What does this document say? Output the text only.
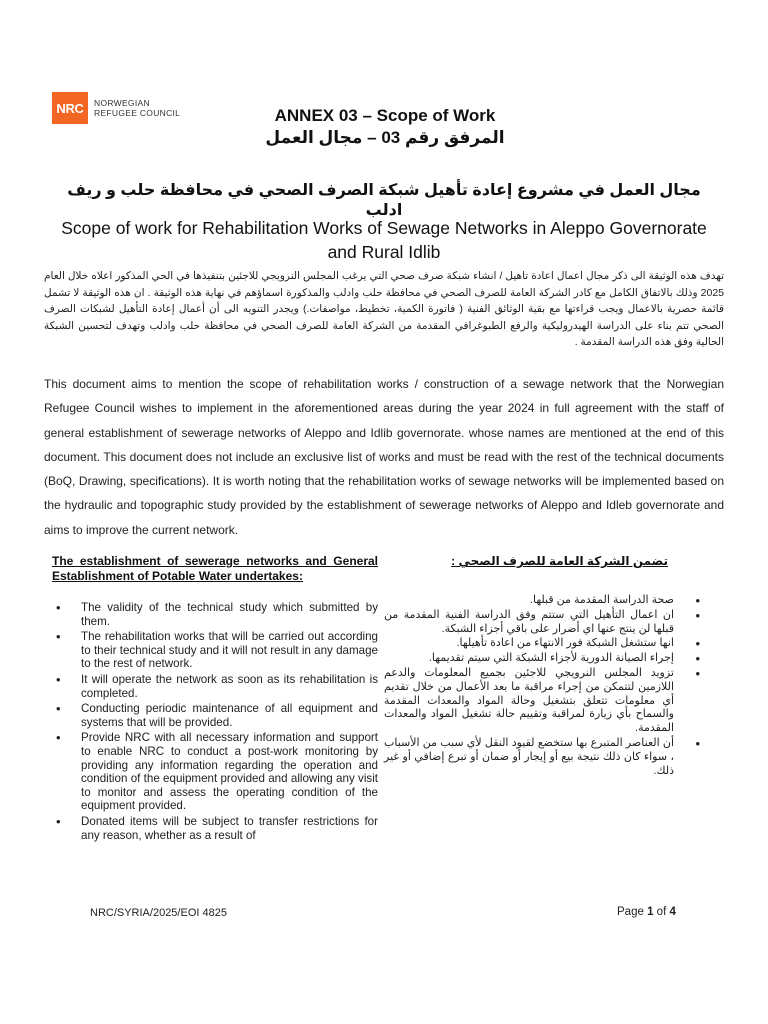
NRC	NORWEGIAN
REFUGEE COUNCIL	ANNEX 03 – Scope of Work
المرفق رقم 03 – مجال العمل
مجال العمل في مشروع إعادة تأهيل شبكة الصرف الصحي في محافظة حلب و ريف ادلب
Scope of work for Rehabilitation Works of Sewage Networks in Aleppo Governorate and Rural Idlib
تهدف هذه الوثيقة الى ذكر مجال اعمال اعادة تاهيل / انشاء شبكة صرف صحي التي يرغب المجلس النرويجي للاجئين بتنفيذها في الحي المذكور اعلاه خلال العام 2025 وذلك بالاتفاق الكامل مع كادر الشركة العامة للصرف الصحي في محافظة حلب وادلب والمذكورة اسماؤهم في نهاية هذه الوثيقة . ان هذه الوثيقة لا تشمل قائمة حصرية بالاعمال ويجب قراءتها مع بقية الوثائق الفنية ( فاتورة الكمية، تخطيط، مواصفات.) ويجدر التنويه الى أن أعمال إعادة التأهيل لشبكات الصرف الصحي تتم بناء على الدراسة الهيدروليكية والرفع الطبوغرافي المقدمة من الشركة العامة للصرف الصحي في محافظة حلب وادلب وتهدف لتحسين الشبكة الحالية وفق هذه الدراسة المقدمة .
This document aims to mention the scope of rehabilitation works / construction of a sewage network that the Norwegian Refugee Council wishes to implement in the aforementioned areas during the year 2024 in full agreement with the staff of general establishment of sewerage networks of Aleppo and Idlib governorate. whose names are mentioned at the end of this document. This document does not include an exclusive list of works and must be read with the rest of the technical documents (BoQ, Drawing, specifications). It is worth noting that the rehabilitation works of sewage networks will be implemented based on the hydraulic and topographic study provided by the establishment of sewerage networks of Aleppo and Idleb governorate and aims to improve the current network.
The establishment of sewerage networks and General Establishment of Potable Water undertakes:
• The validity of the technical study which submitted by them.
• The rehabilitation works that will be carried out according to their technical study and it will not result in any damage to the rest of network.
• It will operate the network as soon as its rehabilitation is completed.
• Conducting periodic maintenance of all equipment and systems that will be provided.
• Provide NRC with all necessary information and support to enable NRC to conduct a post-work monitoring by providing any information regarding the operation and condition of the equipment provided and allowing any visit to monitor and assess the operating condition of the equipment provided.
• Donated items will be subject to transfer restrictions for any reason, whether as a result of
تضمن الشركة العامة للصرف الصحي :
• صحة الدراسة المقدمة من قبلها.
• ان اعمال التأهيل التي ستتم وفق الدراسة الفنية المقدمة من قبلها لن ينتج عنها اي أضرار على باقي أجزاء الشبكة.
• انها ستشغل الشبكة فور الانتهاء من اعادة تأهيلها.
• إجراء الصيانة الدورية لأجزاء الشبكة التي سيتم تقديمها.
• تزويد المجلس النرويجي للاجئين بجميع المعلومات والدعم اللازمين لتتمكن من إجراء مراقبة ما بعد الأعمال من خلال تقديم أي معلومات تتعلق بتشغيل وحالة المواد والمعدات المقدمة والسماح بأي زيارة لمراقبة وتقييم حالة تشغيل المواد والمعدات المقدمة.
• أن العناصر المتبرع بها ستخضع لقيود النقل لأي سبب من الأسباب ، سواء كان ذلك نتيجة بيع أو إيجار أو ضمان أو تبرع إضافي أو غير ذلك.
NRC/SYRIA/2025/EOI 4825	Page 1 of 4
